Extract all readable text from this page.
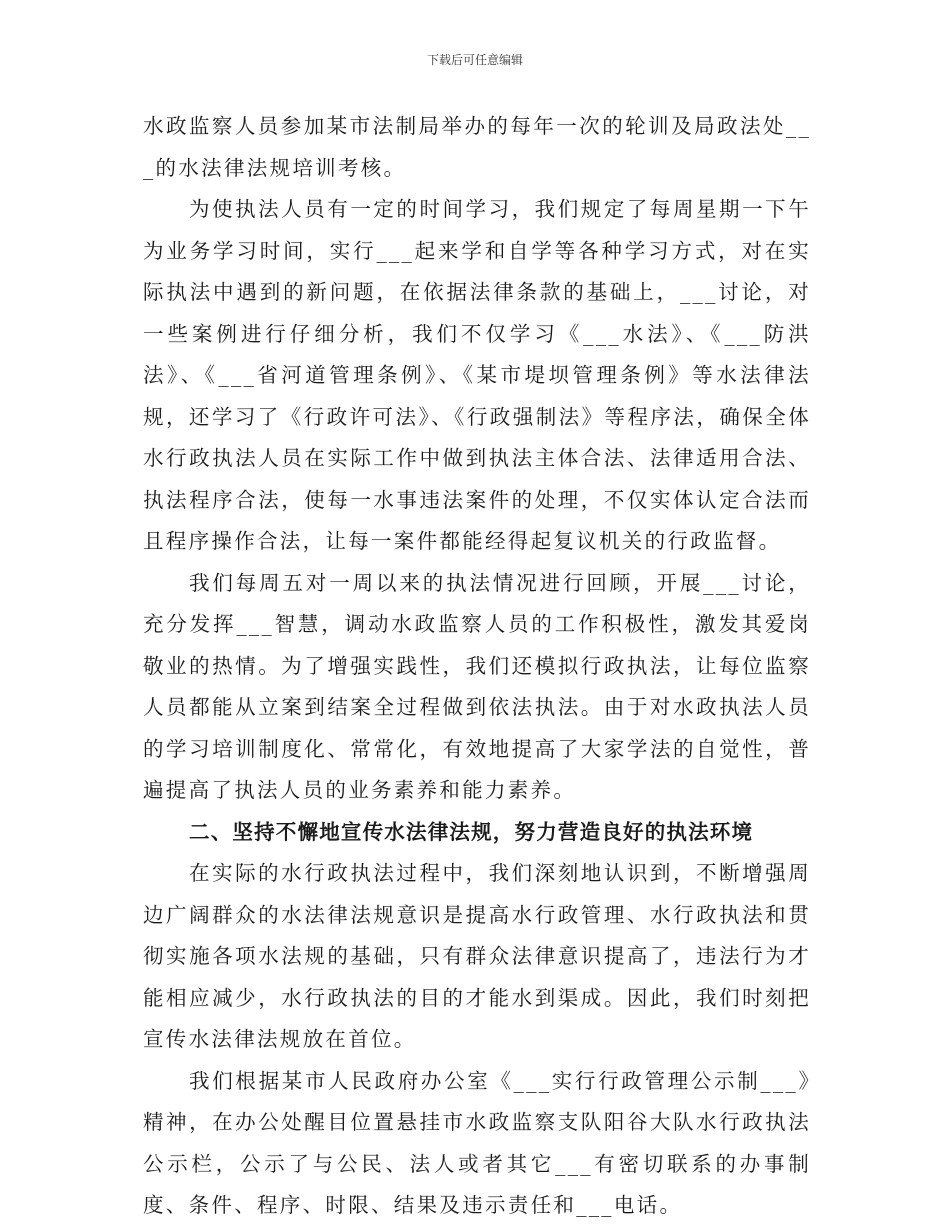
下载后可任意编辑

水政监察人员参加某市法制局举办的每年一次的轮训及局政法处___的水法律法规培训考核。

为使执法人员有一定的时间学习，我们规定了每周星期一下午为业务学习时间，实行___起来学和自学等各种学习方式，对在实际执法中遇到的新问题，在依据法律条款的基础上，___讨论，对一些案例进行仔细分析，我们不仅学习《___水法》、《___防洪法》、《___省河道管理条例》、《某市堤坝管理条例》等水法律法规，还学习了《行政许可法》、《行政强制法》等程序法，确保全体水行政执法人员在实际工作中做到执法主体合法、法律适用合法、执法程序合法，使每一水事违法案件的处理，不仅实体认定合法而且程序操作合法，让每一案件都能经得起复议机关的行政监督。

我们每周五对一周以来的执法情况进行回顾，开展___讨论，充分发挥___智慧，调动水政监察人员的工作积极性，激发其爱岗敬业的热情。为了增强实践性，我们还模拟行政执法，让每位监察人员都能从立案到结案全过程做到依法执法。由于对水政执法人员的学习培训制度化、常常化，有效地提高了大家学法的自觉性，普遍提高了执法人员的业务素养和能力素养。

二、坚持不懈地宣传水法律法规，努力营造良好的执法环境

在实际的水行政执法过程中，我们深刻地认识到，不断增强周边广阔群众的水法律法规意识是提高水行政管理、水行政执法和贯彻实施各项水法规的基础，只有群众法律意识提高了，违法行为才能相应减少，水行政执法的目的才能水到渠成。因此，我们时刻把宣传水法律法规放在首位。

我们根据某市人民政府办公室《___实行行政管理公示制___》精神，在办公处醒目位置悬挂市水政监察支队阳谷大队水行政执法公示栏，公示了与公民、法人或者其它___有密切联系的办事制度、条件、程序、时限、结果及违示责任和___电话。
